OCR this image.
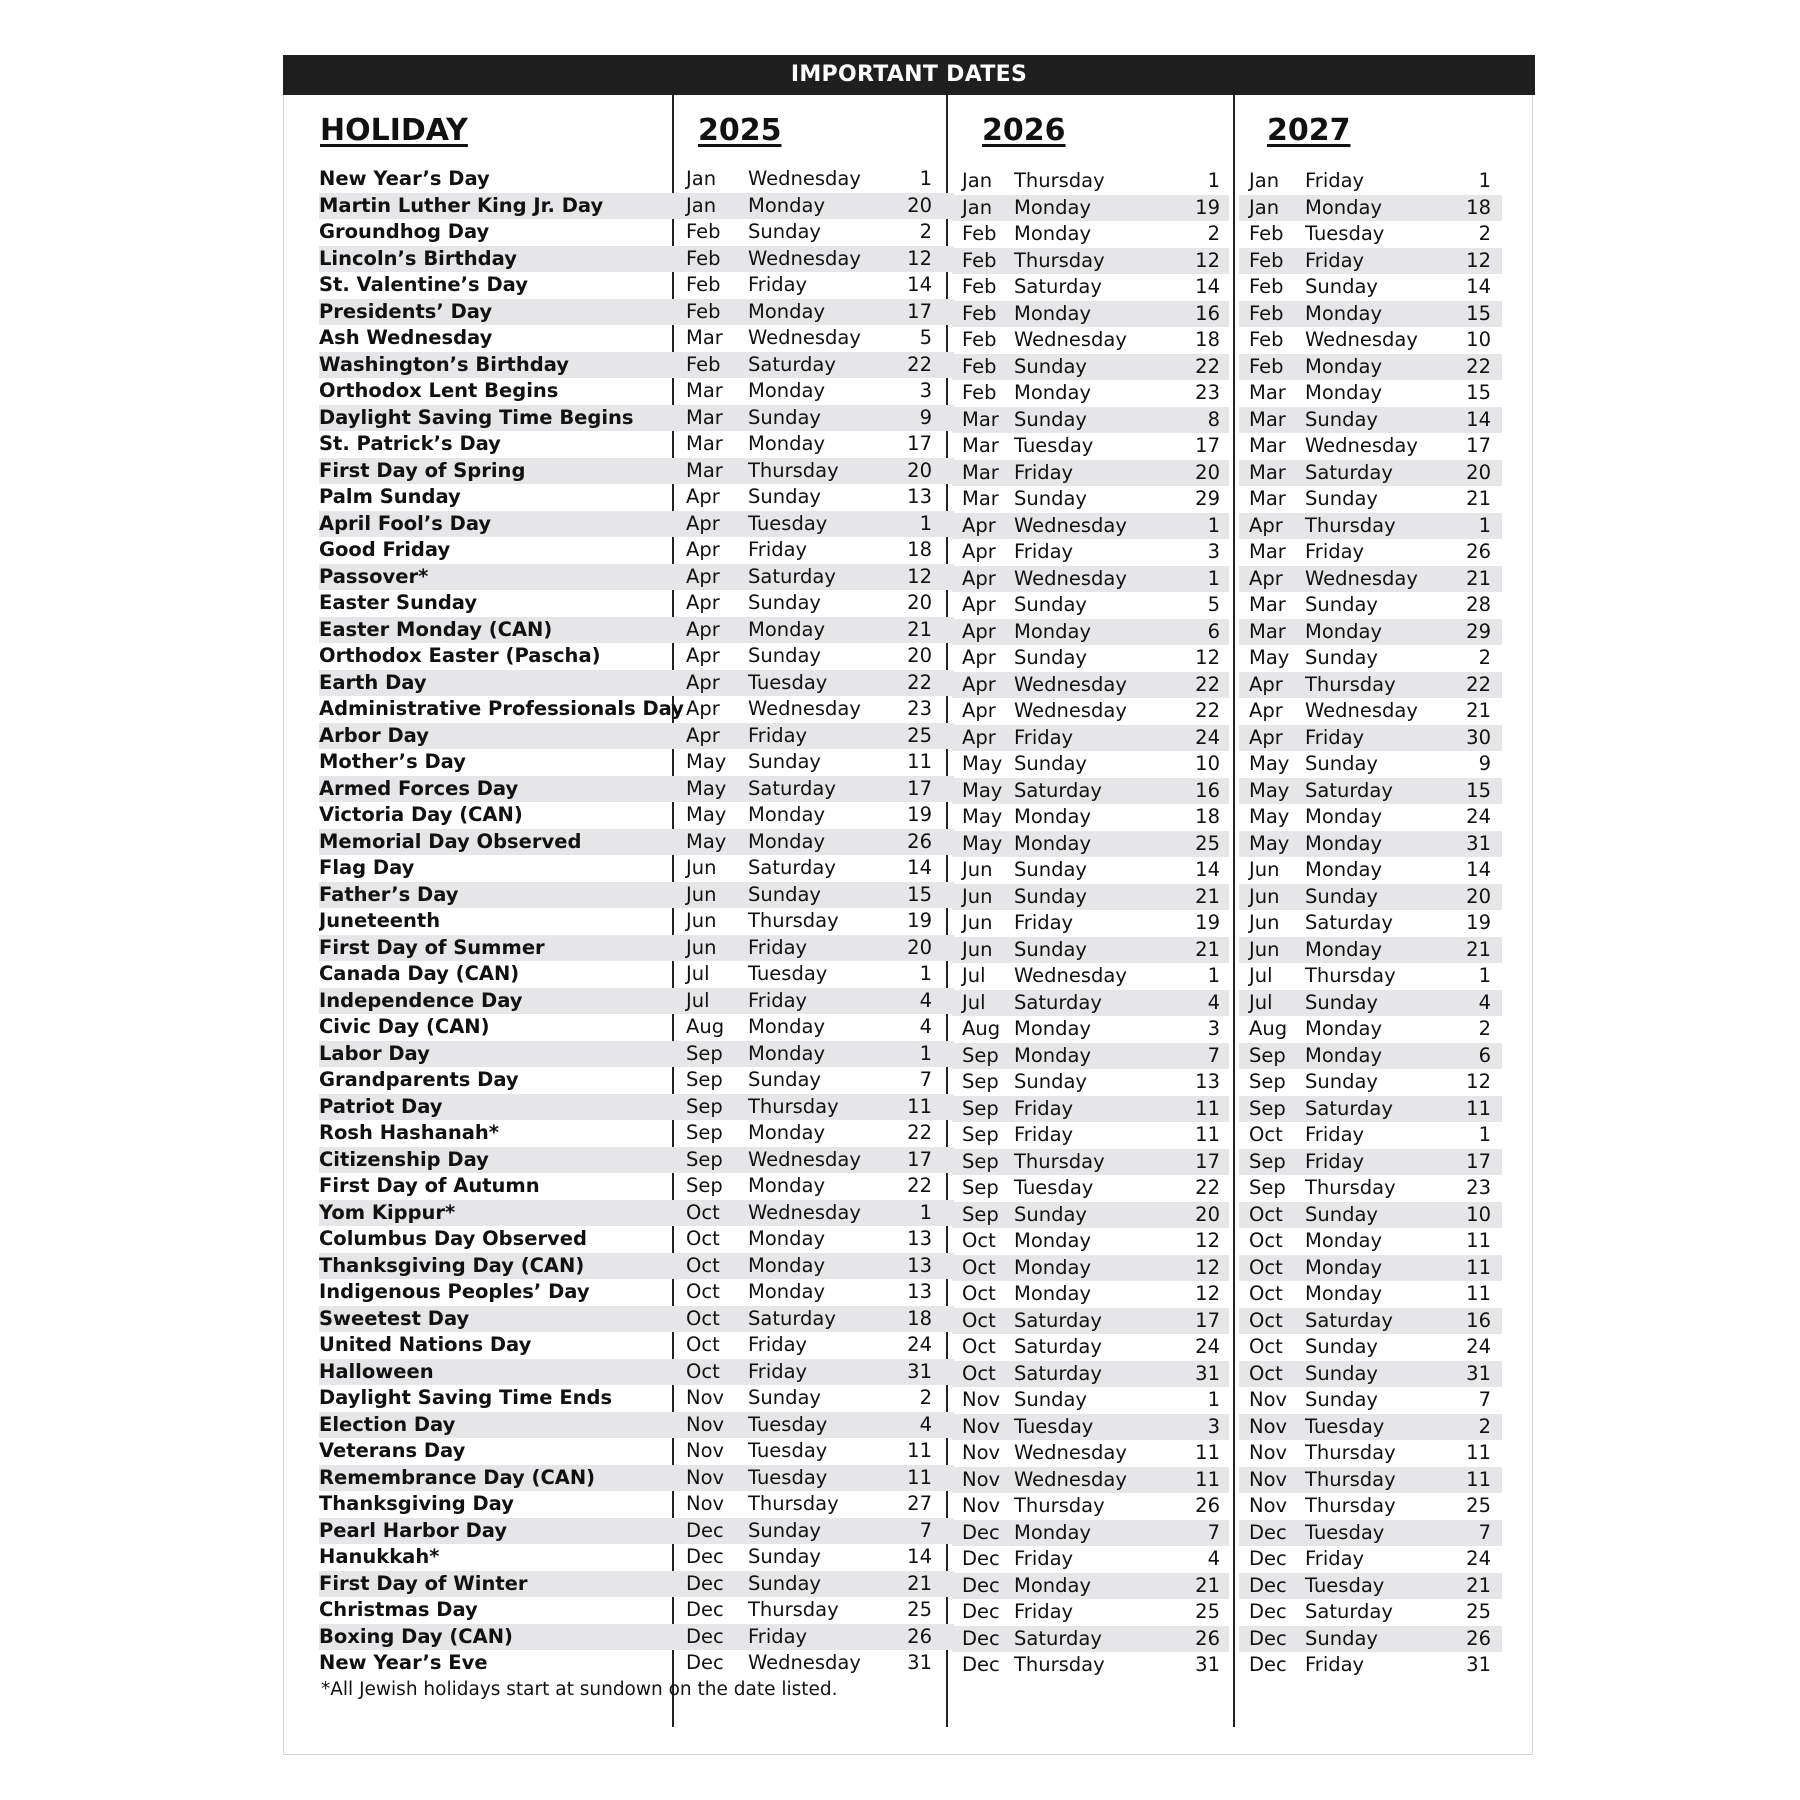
IMPORTANT DATES
HOLIDAY	2025	2026	2027
New Year’s Day	Jan Wednesday	1 Jan Thursday	1 Jan Friday	1
Martin Luther King Jr. Day	Jan Monday	20 Jan Monday	19 Jan Monday	18
Groundhog Day	Feb Sunday	2 Feb Monday	2 Feb Tuesday	2
Lincoln’s Birthday	Feb Wednesday 12 Feb Thursday	12 Feb Friday	12
St. Valentine’s Day	Feb Friday	14 Feb Saturday	14 Feb Sunday	14
Presidents’ Day	Feb Monday	17 Feb Monday	16 Feb Monday	15
Ash Wednesday	Mar Wednesday	5 Feb Wednesday	18 Feb Wednesday 10
Washington’s Birthday	Feb Saturday	22 Feb Sunday	22 Feb Monday	22
Orthodox Lent Begins	Mar Monday	3 Feb Monday	23 Mar Monday	15
Daylight Saving Time Begins	Mar Sunday	9 Mar Sunday	8 Mar Sunday	14
St. Patrick’s Day	Mar Monday	17 Mar Tuesday	17 Mar Wednesday 17
First Day of Spring	Mar Thursday	20 Mar Friday	20 Mar Saturday	20
Palm Sunday	Apr Sunday	13 Mar Sunday	29 Mar Sunday	21
April Fool’s Day	Apr Tuesday	1 Apr Wednesday	1 Apr Thursday	1
Good Friday	Apr Friday	18 Apr Friday	3 Mar Friday	26
Passover*	Apr Saturday	12 Apr Wednesday	1 Apr Wednesday 21
Easter Sunday	Apr Sunday	20 Apr Sunday	5 Mar Sunday	28
Easter Monday (CAN)	Apr Monday	21 Apr Monday	6 Mar Monday	29
Orthodox Easter (Pascha)	Apr Sunday	20 Apr Sunday	12 May Sunday	2
Earth Day	Apr Tuesday	22 Apr Wednesday	22 Apr Thursday	22
Administrative Professionals Day Apr Wednesday 23 Apr Wednesday	22 Apr Wednesday 21
Arbor Day	Apr Friday	25 Apr Friday	24 Apr Friday	30
Mother’s Day	May Sunday	11 May Sunday	10 May Sunday	9
Armed Forces Day	May Saturday	17 May Saturday	16 May Saturday	15
Victoria Day (CAN)	May Monday	19 May Monday	18 May Monday	24
Memorial Day Observed	May Monday	26 May Monday	25 May Monday	31
Flag Day	Jun Saturday	14 Jun Sunday	14 Jun Monday	14
Father’s Day	Jun Sunday	15 Jun Sunday	21 Jun Sunday	20
Juneteenth	Jun Thursday	19 Jun Friday	19 Jun Saturday	19
First Day of Summer	Jun Friday	20 Jun Sunday	21 Jun Monday	21
Canada Day (CAN)	Jul Tuesday	1 Jul Wednesday	1 Jul Thursday	1
Independence Day	Jul Friday	4 Jul Saturday	4 Jul Sunday	4
Civic Day (CAN)	Aug Monday	4 Aug Monday	3 Aug Monday	2
Labor Day	Sep Monday	1 Sep Monday	7 Sep Monday	6
Grandparents Day	Sep Sunday	7 Sep Sunday	13 Sep Sunday	12
Patriot Day	Sep Thursday	11 Sep Friday	11 Sep Saturday	11
Rosh Hashanah*	Sep Monday	22 Sep Friday	11 Oct Friday	1
Citizenship Day	Sep Wednesday 17 Sep Thursday	17 Sep Friday	17
First Day of Autumn	Sep Monday	22 Sep Tuesday	22 Sep Thursday	23
Yom Kippur*	Oct Wednesday	1 Sep Sunday	20 Oct Sunday	10
Columbus Day Observed	Oct Monday	13 Oct Monday	12 Oct Monday	11
Thanksgiving Day (CAN)	Oct Monday	13 Oct Monday	12 Oct Monday	11
Indigenous Peoples’ Day	Oct Monday	13 Oct Monday	12 Oct Monday	11
Sweetest Day	Oct Saturday	18 Oct Saturday	17 Oct Saturday	16
United Nations Day	Oct Friday	24 Oct Saturday	24 Oct Sunday	24
Halloween	Oct Friday	31 Oct Saturday	31 Oct Sunday	31
Daylight Saving Time Ends	Nov Sunday	2 Nov Sunday	1 Nov Sunday	7
Election Day	Nov Tuesday	4 Nov Tuesday	3 Nov Tuesday	2
Veterans Day	Nov Tuesday	11 Nov Wednesday	11 Nov Thursday	11
Remembrance Day (CAN)	Nov Tuesday	11 Nov Wednesday	11 Nov Thursday	11
Thanksgiving Day	Nov Thursday	27 Nov Thursday	26 Nov Thursday	25
Pearl Harbor Day	Dec Sunday	7 Dec Monday	7 Dec Tuesday	7
Hanukkah*	Dec Sunday	14 Dec Friday	4 Dec Friday	24
First Day of Winter	Dec Sunday	21 Dec Monday	21 Dec Tuesday	21
Christmas Day	Dec Thursday	25 Dec Friday	25 Dec Saturday	25
Boxing Day (CAN)	Dec Friday	26 Dec Saturday	26 Dec Sunday	26
New Year’s Eve	Dec Wednesday 31 Dec Thursday	31 Dec Friday	31
*All Jewish holidays start at sundown on the date listed.
